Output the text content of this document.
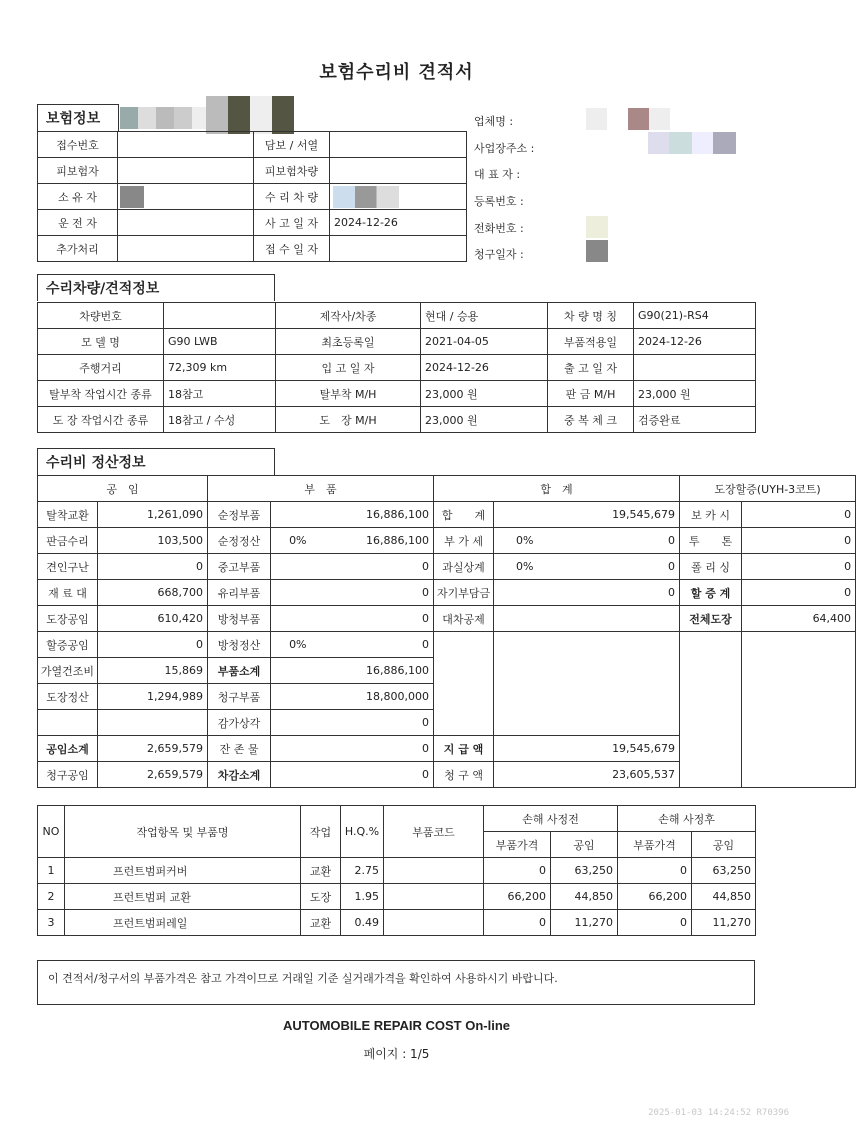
보험수리비 견적서
보험정보
접수번호		담보 / 서열	
피보험자		피보험차량	
소 유 자		수 리 차 량	
운 전 자		사 고 일 자	2024-12-26
추가처리		접 수 일 자	
업체명 :
사업장주소 :
대 표 자 :
등록번호 :
전화번호 :
청구일자 :
수리차량/견적정보
차량번호		제작사/차종	현대 / 승용	차 량 명 칭	G90(21)-RS4
모 델 명	G90 LWB	최초등록일	2021-04-05	부품적용일	2024-12-26
주행거리	72,309 km	입 고 일 자	2024-12-26	출 고 일 자	
탈부착 작업시간 종류	18참고	탈부착 M/H	23,000 원	판 금 M/H	23,000 원
도 장 작업시간 종류	18참고 / 수성	도　장 M/H	23,000 원	중 복 체 크	검증완료
수리비 정산정보
공　임		부　품			합　계			도장할증(UYH-3코트)	
탈착교환	1,261,090	순정부품		16,886,100	합　　계		19,545,679	보 카 시	0
판금수리	103,500	순정정산	0%	16,886,100	부 가 세	0%	0	투　　톤	0
견인구난	0	중고부품		0	과실상계	0%	0	폴 리 싱	0
재 료 대	668,700	유리부품		0	자기부담금		0	할 증 계	0
도장공임	610,420	방청부품		0	대차공제			전체도장	64,400
할증공임	0	방청정산	0%	0					
가열건조비	15,869	부품소계		16,886,100					
도장정산	1,294,989	청구부품		18,800,000					
		감가상각		0					
공임소계	2,659,579	잔 존 물		0	지 급 액	19,545,679			
청구공임	2,659,579	차감소계		0	청 구 액	23,605,537			
NO	작업항목 및 부품명	작업	H.Q.%	부품코드	손해 사정전		손해 사정후	
					부품가격	공임	부품가격	공임
1	프런트범퍼커버	교환	2.75		0	63,250	0	63,250
2	프런트범퍼 교환	도장	1.95		66,200	44,850	66,200	44,850
3	프런트범퍼레일	교환	0.49		0	11,270	0	11,270
이 견적서/청구서의 부품가격은 참고 가격이므로 거래일 기준 실거래가격을 확인하여 사용하시기 바랍니다.
AUTOMOBILE REPAIR COST On-line
페이지 : 1/5
2025-01-03 14:24:52 R70396
